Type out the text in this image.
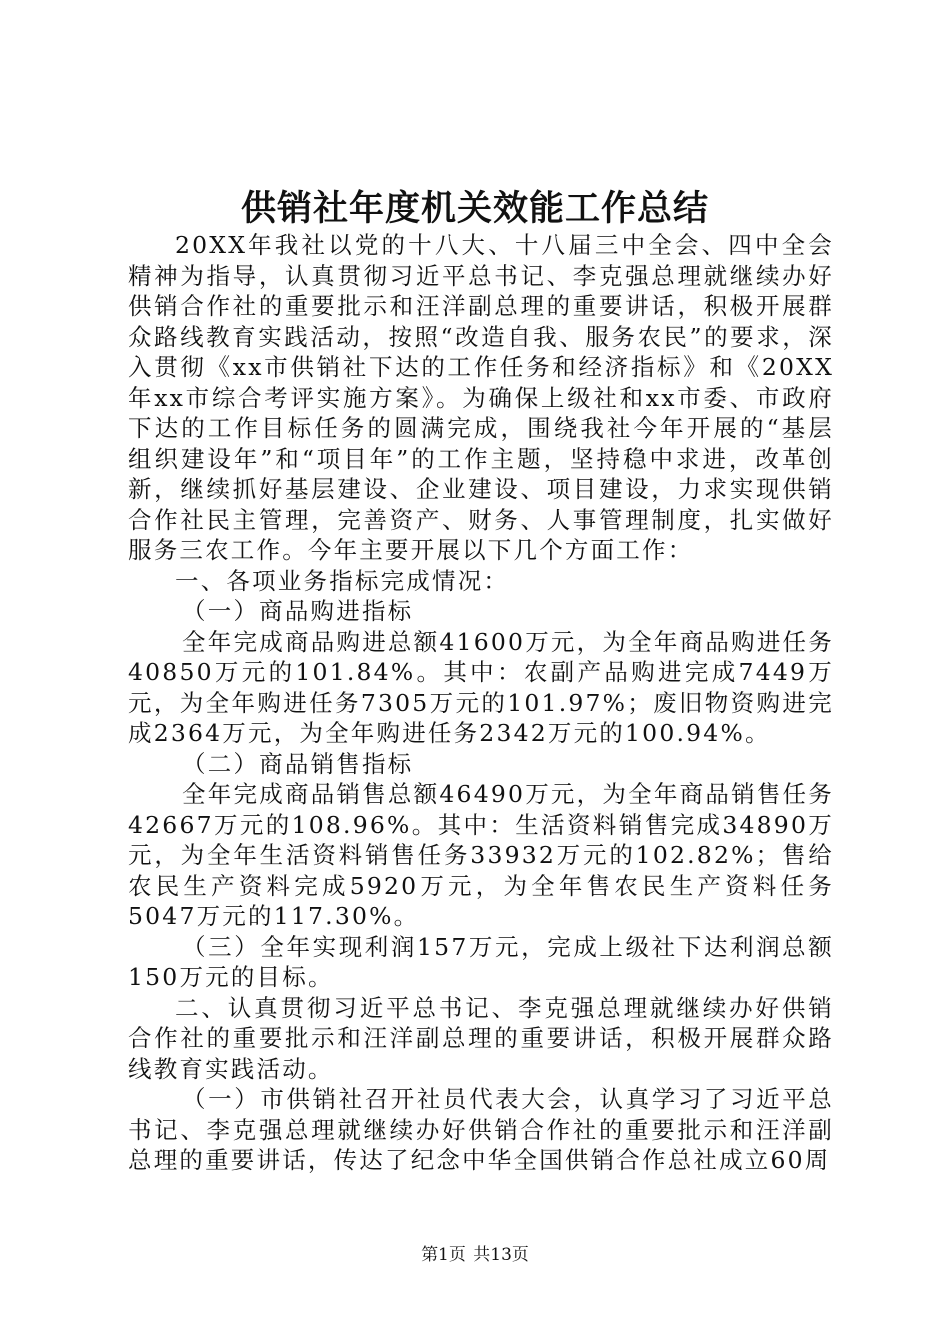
供销社年度机关效能工作总结

20XX年我社以党的十八大、十八届三中全会、四中全会精神为指导，认真贯彻习近平总书记、李克强总理就继续办好供销合作社的重要批示和汪洋副总理的重要讲话，积极开展群众路线教育实践活动，按照“改造自我、服务农民”的要求，深入贯彻《xx市供销社下达的工作任务和经济指标》和《20XX年xx市综合考评实施方案》。为确保上级社和xx市委、市政府下达的工作目标任务的圆满完成，围绕我社今年开展的“基层组织建设年”和“项目年”的工作主题，坚持稳中求进，改革创新，继续抓好基层建设、企业建设、项目建设，力求实现供销合作社民主管理，完善资产、财务、人事管理制度，扎实做好服务三农工作。今年主要开展以下几个方面工作：

一、各项业务指标完成情况：

（一）商品购进指标

全年完成商品购进总额41600万元，为全年商品购进任务40850万元的101.84%。其中：农副产品购进完成7449万元，为全年购进任务7305万元的101.97%；废旧物资购进完成2364万元，为全年购进任务2342万元的100.94%。

（二）商品销售指标

全年完成商品销售总额46490万元，为全年商品销售任务42667万元的108.96%。其中：生活资料销售完成34890万元，为全年生活资料销售任务33932万元的102.82%；售给农民生产资料完成5920万元，为全年售农民生产资料任务5047万元的117.30%。

（三）全年实现利润157万元，完成上级社下达利润总额150万元的目标。

二、认真贯彻习近平总书记、李克强总理就继续办好供销合作社的重要批示和汪洋副总理的重要讲话，积极开展群众路线教育实践活动。

（一）市供销社召开社员代表大会，认真学习了习近平总书记、李克强总理就继续办好供销合作社的重要批示和汪洋副总理的重要讲话，传达了纪念中华全国供销合作总社成立60周

第1页 共13页
